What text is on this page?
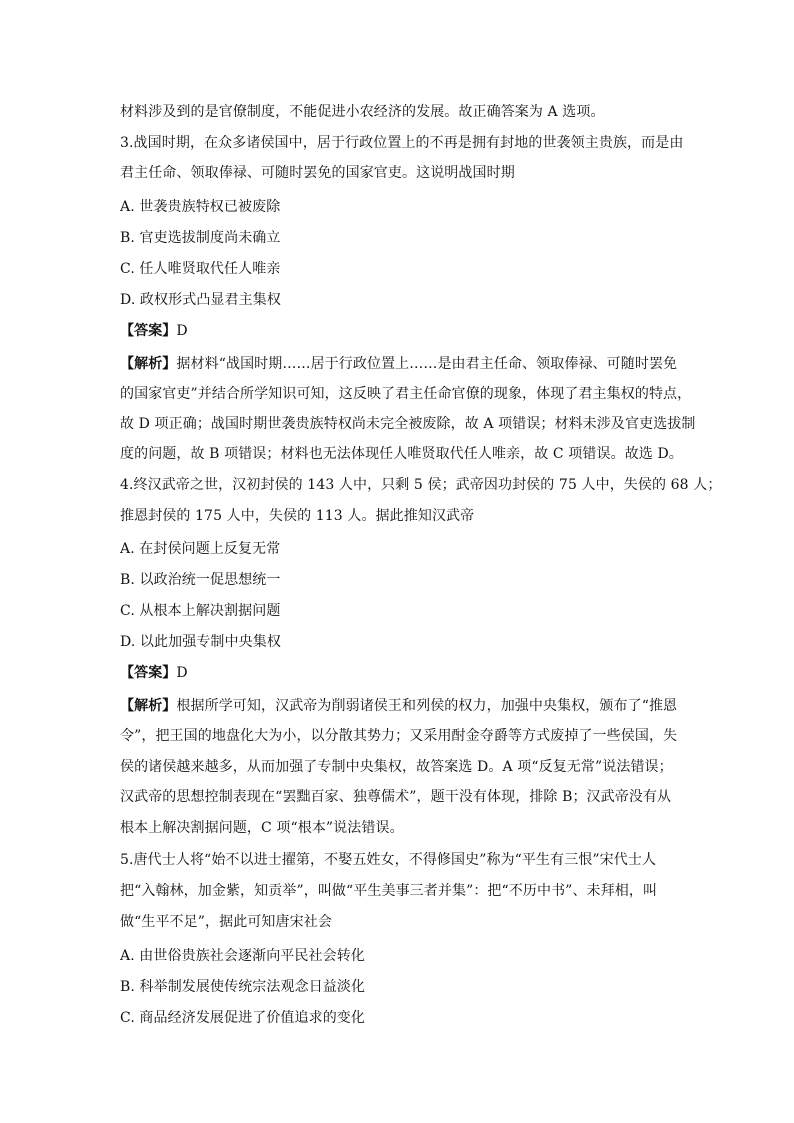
材料涉及到的是官僚制度，不能促进小农经济的发展。故正确答案为 A 选项。
3.战国时期，在众多诸侯国中，居于行政位置上的不再是拥有封地的世袭领主贵族，而是由
君主任命、领取俸禄、可随时罢免的国家官吏。这说明战国时期
A. 世袭贵族特权已被废除
B. 官吏选拔制度尚未确立
C. 任人唯贤取代任人唯亲
D. 政权形式凸显君主集权
【答案】D
【解析】据材料“战国时期……居于行政位置上……是由君主任命、领取俸禄、可随时罢免
的国家官吏”并结合所学知识可知，这反映了君主任命官僚的现象，体现了君主集权的特点，
故 D 项正确；战国时期世袭贵族特权尚未完全被废除，故 A 项错误；材料未涉及官吏选拔制
度的问题，故 B 项错误；材料也无法体现任人唯贤取代任人唯亲，故 C 项错误。故选 D。
4.终汉武帝之世，汉初封侯的 143 人中，只剩 5 侯；武帝因功封侯的 75 人中，失侯的 68 人；
推恩封侯的 175 人中，失侯的 113 人。据此推知汉武帝
A. 在封侯问题上反复无常
B. 以政治统一促思想统一
C. 从根本上解决割据问题
D. 以此加强专制中央集权
【答案】D
【解析】根据所学可知，汉武帝为削弱诸侯王和列侯的权力，加强中央集权，颁布了“推恩
令”，把王国的地盘化大为小，以分散其势力；又采用酎金夺爵等方式废掉了一些侯国，失
侯的诸侯越来越多，从而加强了专制中央集权，故答案选 D。A 项“反复无常”说法错误；
汉武帝的思想控制表现在“罢黜百家、独尊儒术”，题干没有体现，排除 B；汉武帝没有从
根本上解决割据问题，C 项“根本”说法错误。
5.唐代士人将“始不以进士擢第，不娶五姓女，不得修国史”称为“平生有三恨”宋代士人
把“入翰林，加金紫，知贡举”，叫做“平生美事三者并集”：把“不历中书”、未拜相，叫
做“生平不足”，据此可知唐宋社会
A. 由世俗贵族社会逐渐向平民社会转化
B. 科举制发展使传统宗法观念日益淡化
C. 商品经济发展促进了价值追求的变化
